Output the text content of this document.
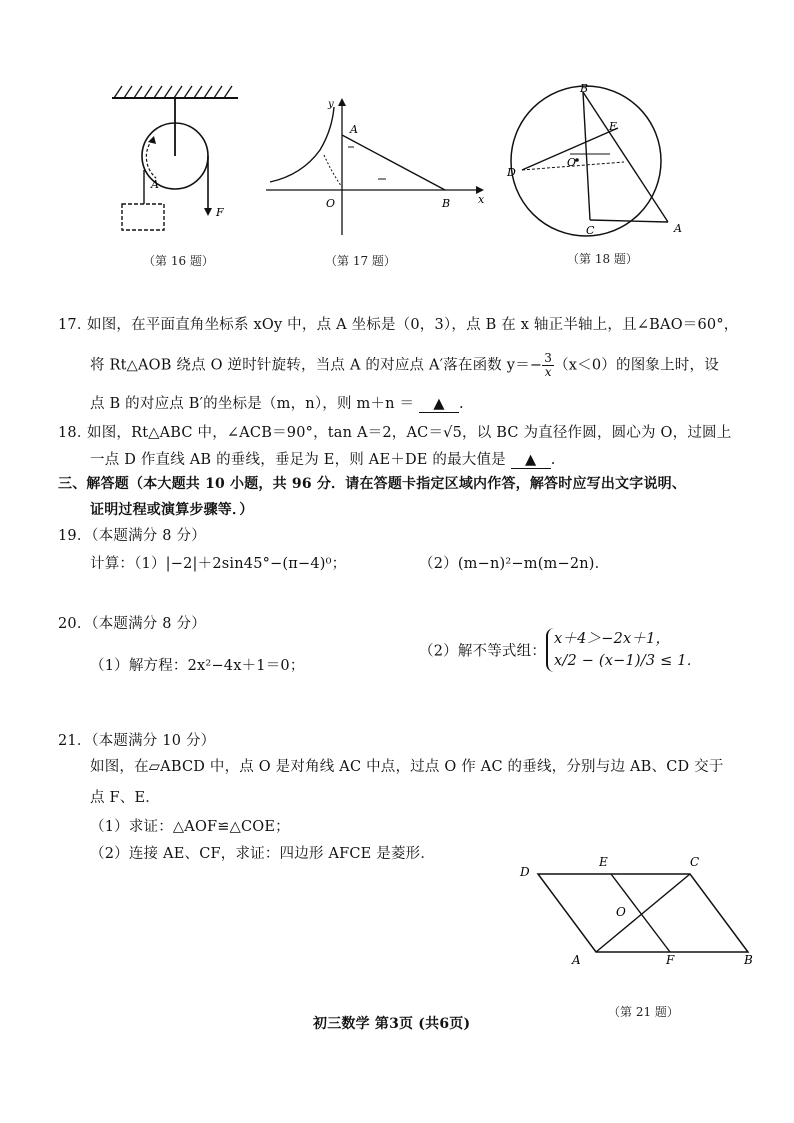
A
F
（第 16 题）
y
A
O	B	x
（第 17 题）
B
E
O
D
C	A
（第 18 题）
17．
如图，在平面直角坐标系 xOy 中，点 A 坐标是（0，3），点 B 在 x 轴正半轴上，且∠BAO＝60°，
将 Rt△AOB 绕点 O 逆时针旋转，当点 A 的对应点 A′落在函数 $y=- \frac{3}{x} (x<0)$的图象上时，设
点 B 的对应点 B′的坐标是（m，n），则 m＋n ＝ ▲ .
18．
如图，Rt△ABC 中，∠ACB＝90°，tan A＝2，AC＝√5，以 BC 为直径作圆，圆心为 O，过圆上
一点 D 作直线 AB 的垂线，垂足为 E，则 AE＋DE 的最大值是 ▲ .
三、解答题（本大题共 10 小题，共 96 分．请在答题卡指定区域内作答，解答时应写出文字说明、
证明过程或演算步骤等．）
19．
（本题满分 8 分）
计算：（1）|−2|＋2sin45°−(π−4)⁰；	（2）(m−n)²−m(m−2n)．
20．
（本题满分 8 分）
（1）解方程：2x²−4x＋1＝0；
（2）解不等式组：
x＋4＞−2x＋1，
x/2 − (x−1)/3 ≤ 1．
21．
（本题满分 10 分）
如图，在▱ABCD 中，点 O 是对角线 AC 中点，过点 O 作 AC 的垂线，分别与边 AB、CD 交于
点 F、E．
（1）求证：△AOF≌△COE；
（2）连接 AE、CF，求证：四边形 AFCE 是菱形．
D
E	C
O
A	F	B
（第 21 题）
初三数学 第3页 (共6页)
